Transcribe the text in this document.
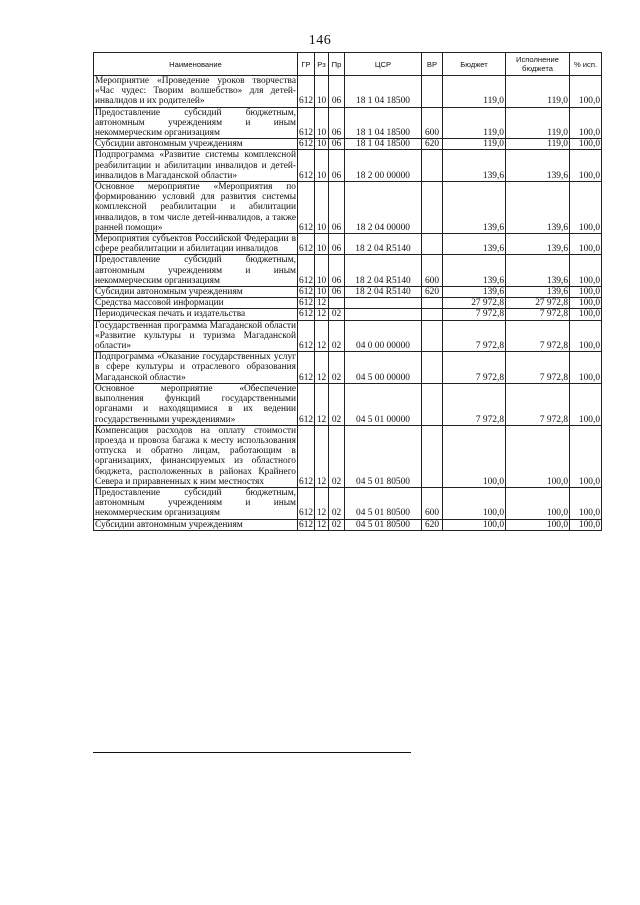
146
Наименование	ГР	Рз	Пр	ЦСР	ВР	Бюджет	Исполнение бюджета	% исп.
Мероприятие «Проведение уроков творчества «Час чудес: Творим волшебство» для детей-инвалидов и их родителей»	612	10	06	18 1 04 18500		119,0	119,0	100,0
Предоставление субсидий бюджетным, автономным учреждениям и иным некоммерческим организациям	612	10	06	18 1 04 18500	600	119,0	119,0	100,0
Субсидии автономным учреждениям	612	10	06	18 1 04 18500	620	119,0	119,0	100,0
Подпрограмма «Развитие системы комплексной реабилитации и абилитации инвалидов и детей-инвалидов в Магаданской области»	612	10	06	18 2 00 00000		139,6	139,6	100,0
Основное мероприятие «Мероприятия по формированию условий для развития системы комплексной реабилитации и абилитации инвалидов, в том числе детей-инвалидов, а также ранней помощи»	612	10	06	18 2 04 00000		139,6	139,6	100,0
Мероприятия субъектов Российской Федерации в сфере реабилитации и абилитации инвалидов	612	10	06	18 2 04 R5140		139,6	139,6	100,0
Предоставление субсидий бюджетным, автономным учреждениям и иным некоммерческим организациям	612	10	06	18 2 04 R5140	600	139,6	139,6	100,0
Субсидии автономным учреждениям	612	10	06	18 2 04 R5140	620	139,6	139,6	100,0
Средства массовой информации	612	12				27 972,8	27 972,8	100,0
Периодическая печать и издательства	612	12	02			7 972,8	7 972,8	100,0
Государственная программа Магаданской области «Развитие культуры и туризма Магаданской области»	612	12	02	04 0 00 00000		7 972,8	7 972,8	100,0
Подпрограмма «Оказание государственных услуг в сфере культуры и отраслевого образования Магаданской области»	612	12	02	04 5 00 00000		7 972,8	7 972,8	100,0
Основное мероприятие «Обеспечение выполнения функций государственными органами и находящимися в их ведении государственными учреждениями»	612	12	02	04 5 01 00000		7 972,8	7 972,8	100,0
Компенсация расходов на оплату стоимости проезда и провоза багажа к месту использования отпуска и обратно лицам, работающим в организациях, финансируемых из областного бюджета, расположенных в районах Крайнего Севера и приравненных к ним местностях	612	12	02	04 5 01 80500		100,0	100,0	100,0
Предоставление субсидий бюджетным, автономным учреждениям и иным некоммерческим организациям	612	12	02	04 5 01 80500	600	100,0	100,0	100,0
Субсидии автономным учреждениям	612	12	02	04 5 01 80500	620	100,0	100,0	100,0
